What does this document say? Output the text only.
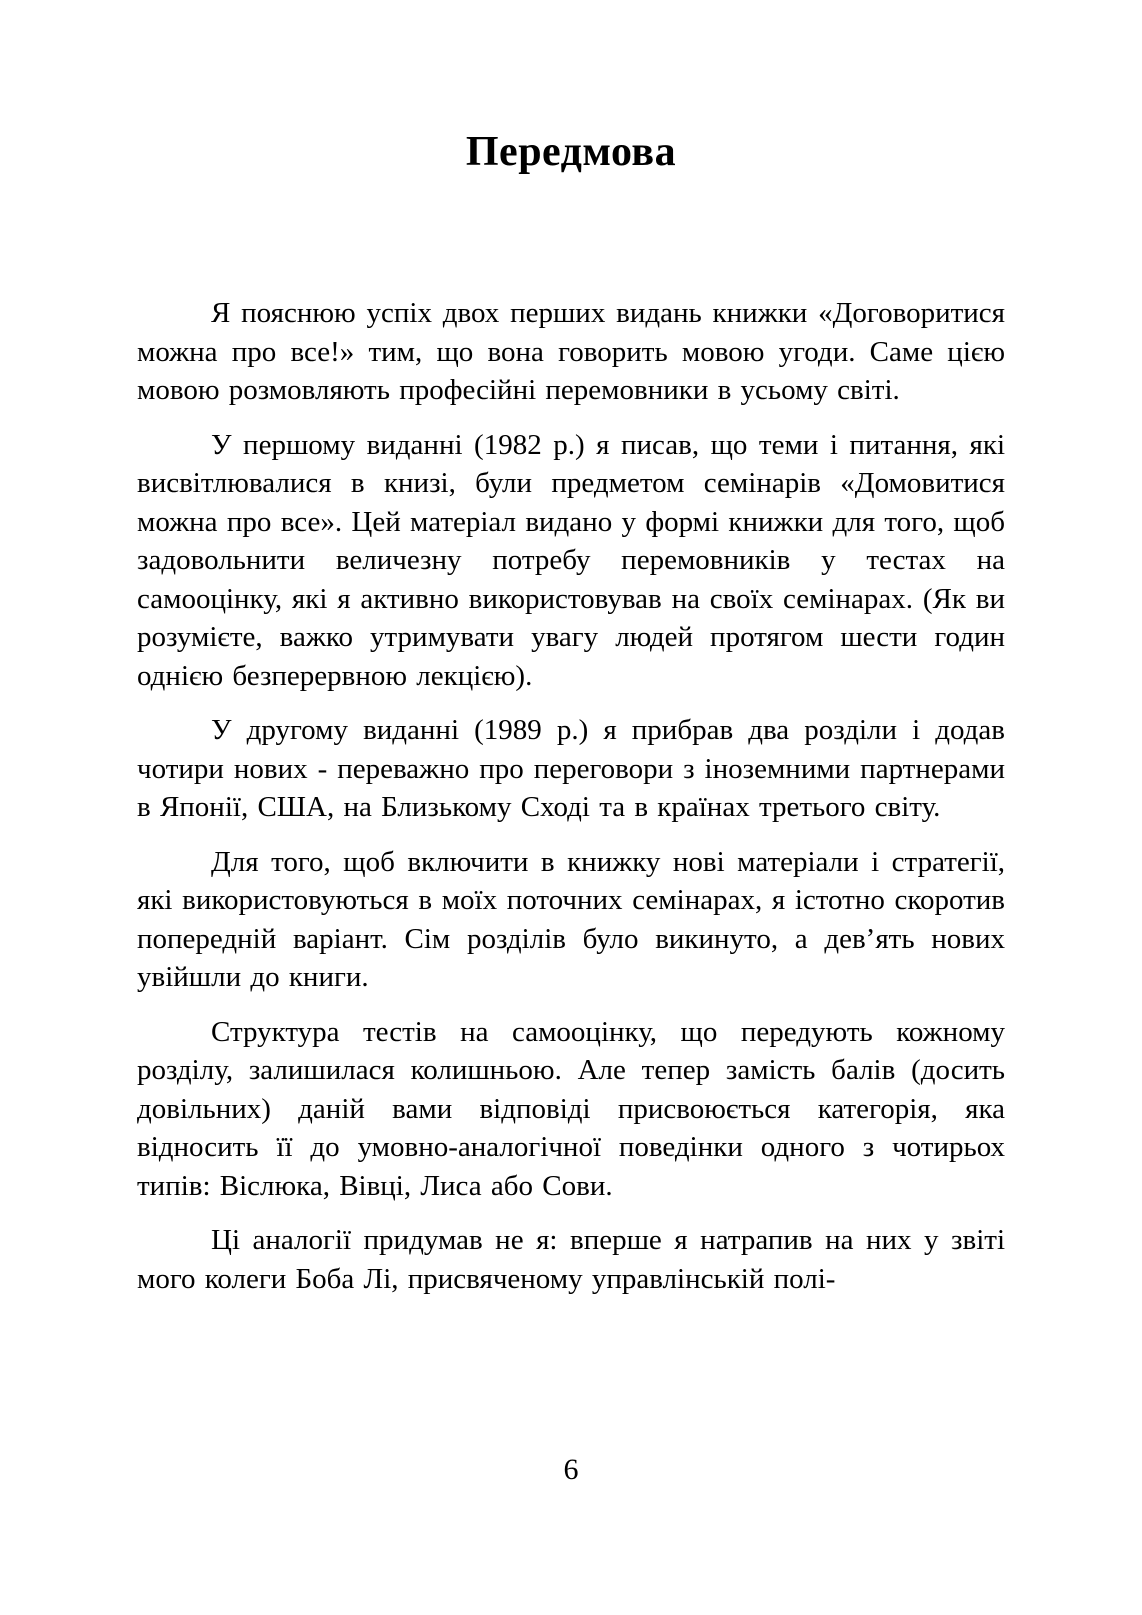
Передмова

Я пояснюю успіх двох перших видань книжки «Договоритися можна про все!» тим, що вона говорить мовою угоди. Саме цією мовою розмовляють професійні перемовники в усьому світі.

У першому виданні (1982 р.) я писав, що теми і питання, які висвітлювалися в книзі, були предметом семінарів «Домовитися можна про все». Цей матеріал видано у формі книжки для того, щоб задовольнити величезну потребу перемовників у тестах на самооцінку, які я активно використовував на своїх семінарах. (Як ви розумієте, важко утримувати увагу людей протягом шести годин однією безперервною лекцією).

У другому виданні (1989 р.) я прибрав два розділи і додав чотири нових - переважно про переговори з іноземними партнерами в Японії, США, на Близькому Сході та в країнах третього світу.

Для того, щоб включити в книжку нові матеріали і стратегії, які використовуються в моїх поточних семінарах, я істотно скоротив попередній варіант. Сім розділів було викинуто, а дев’ять нових увійшли до книги.

Структура тестів на самооцінку, що передують кожному розділу, залишилася колишньою. Але тепер замість балів (досить довільних) даній вами відповіді присвоюється категорія, яка відносить її до умовно-аналогічної поведінки одного з чотирьох типів: Віслюка, Вівці, Лиса або Сови.

Ці аналогії придумав не я: вперше я натрапив на них у звіті мого колеги Боба Лі, присвяченому управлінській полі-

6
